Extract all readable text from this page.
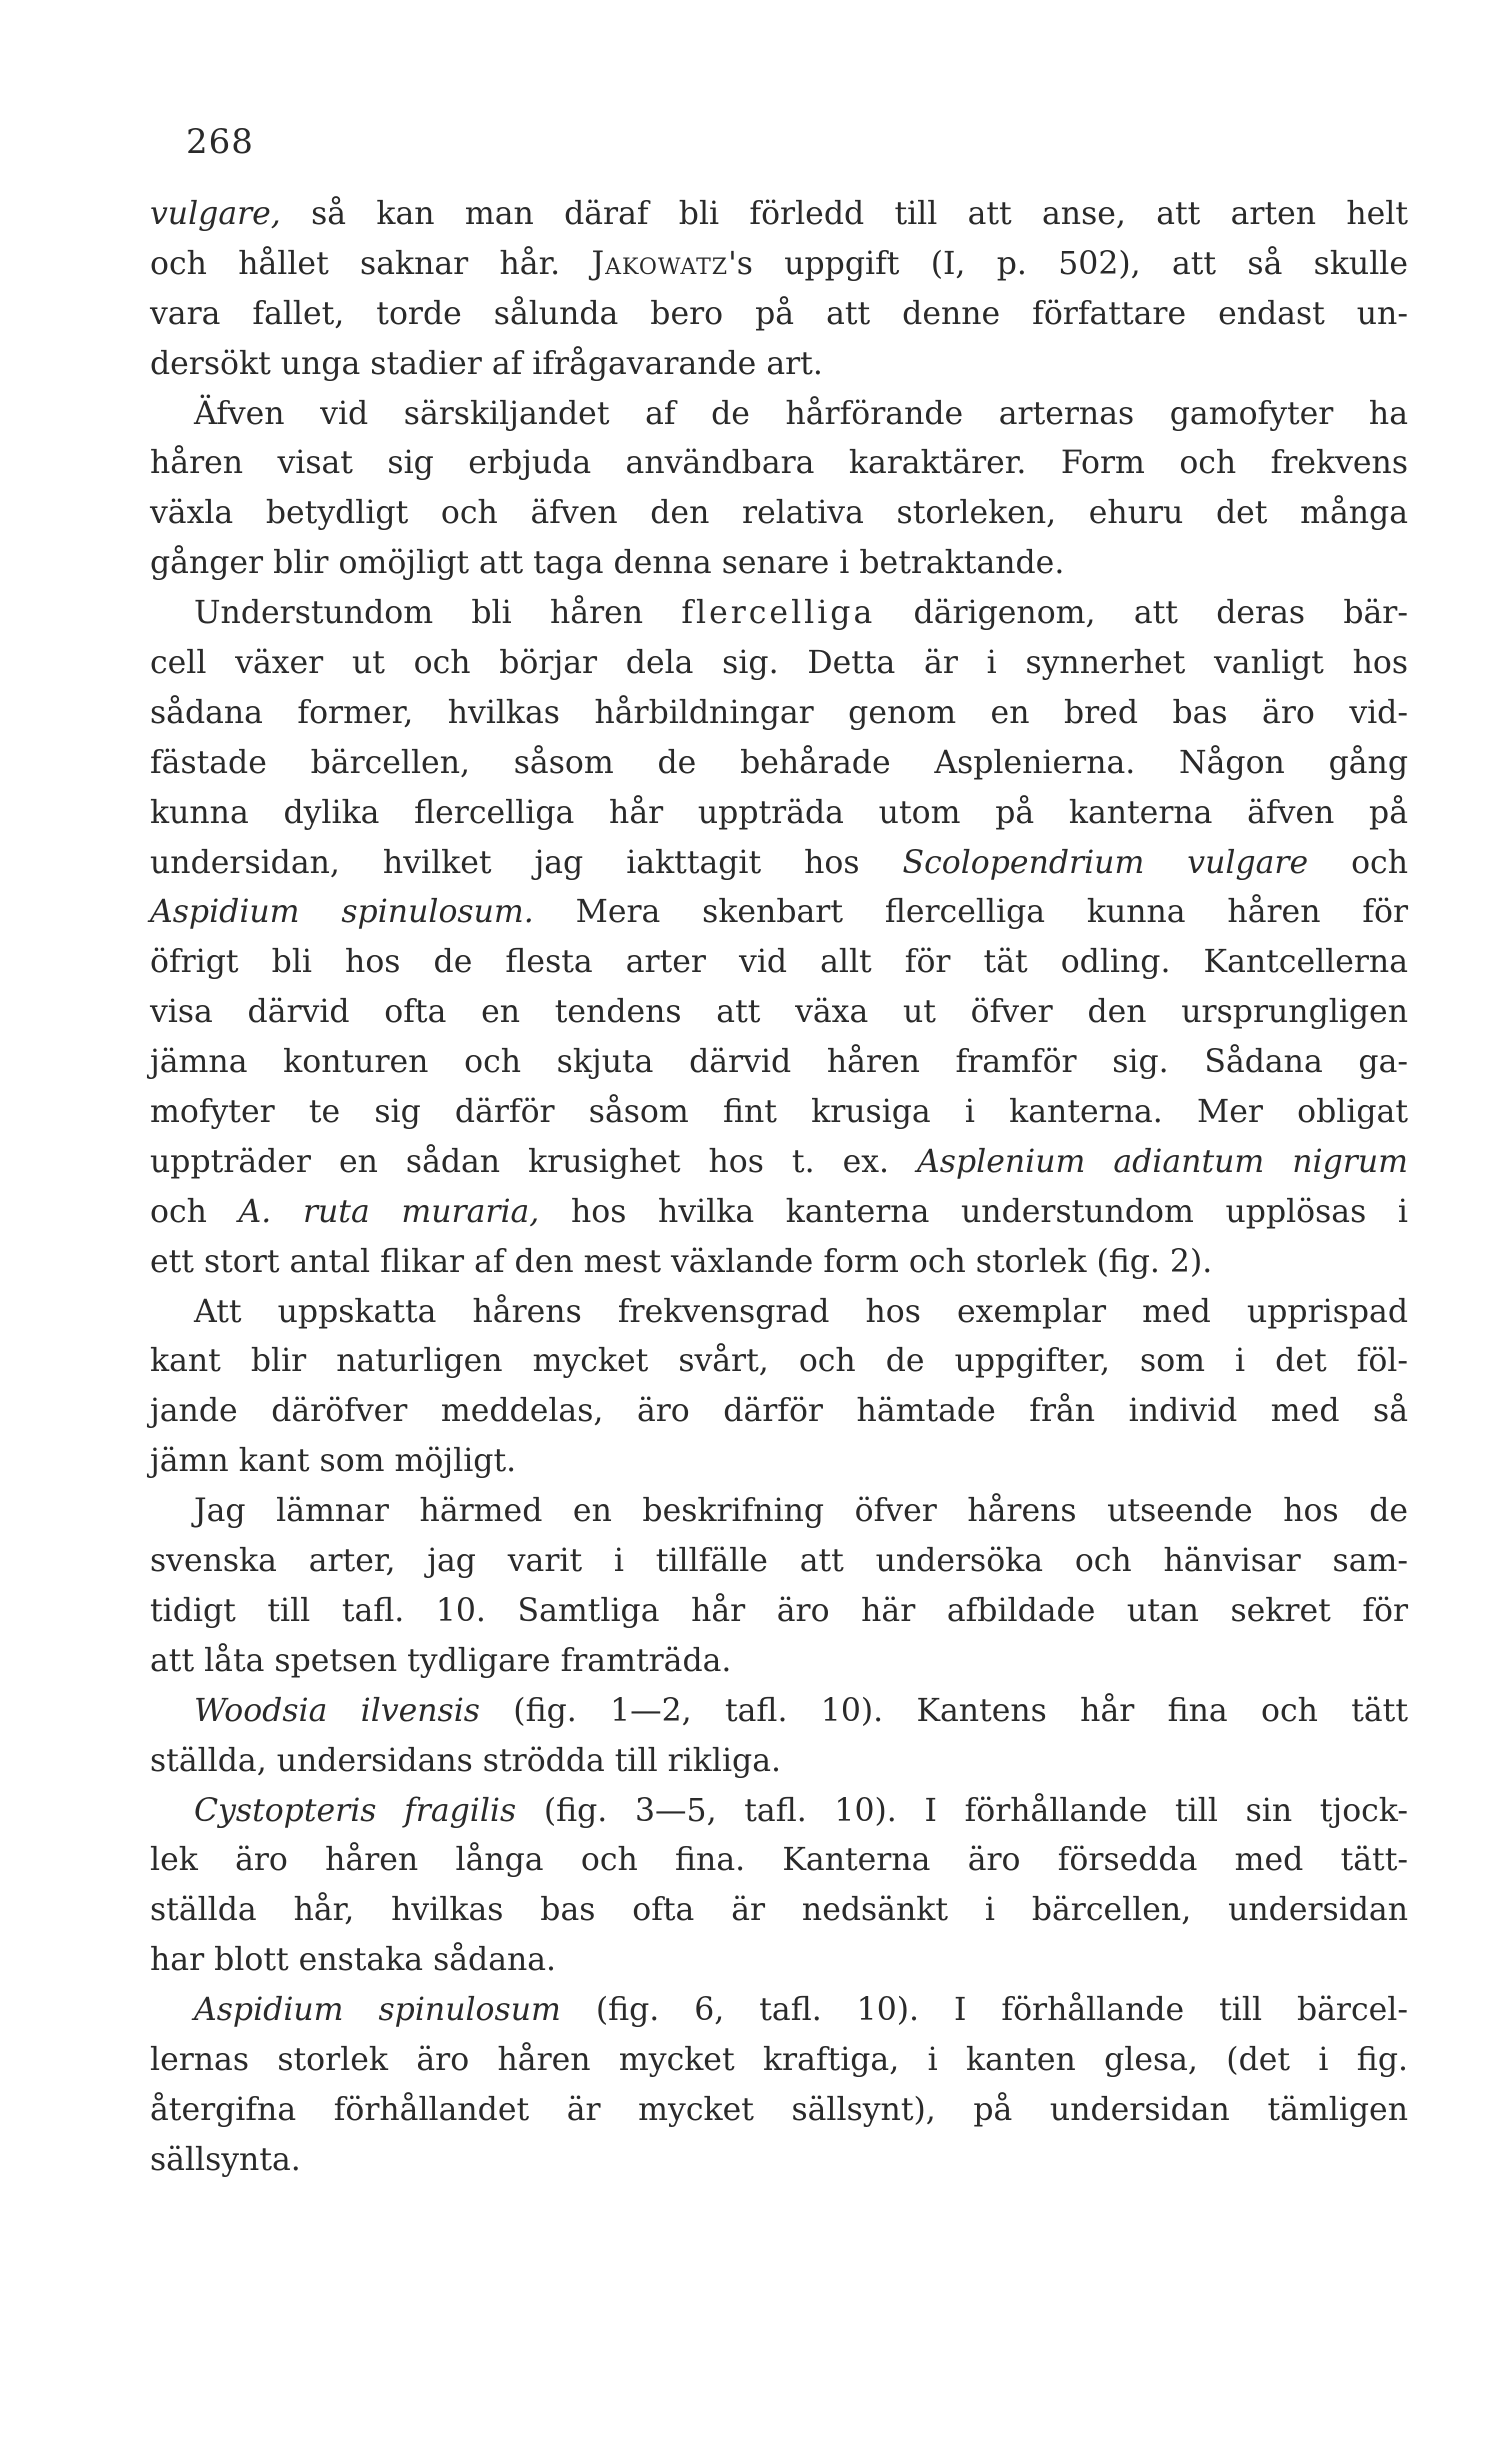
268
vulgare, så kan man däraf bli förledd till att anse, att arten helt
och hållet saknar hår. Jakowatz's uppgift (I, p. 502), att så skulle
vara fallet, torde sålunda bero på att denne författare endast un-
dersökt unga stadier af ifrågavarande art.
Äfven vid särskiljandet af de hårförande arternas gamofyter ha
håren visat sig erbjuda användbara karaktärer. Form och frekvens
växla betydligt och äfven den relativa storleken, ehuru det många
gånger blir omöjligt att taga denna senare i betraktande.
Understundom bli håren flercelliga därigenom, att deras bär-
cell växer ut och börjar dela sig. Detta är i synnerhet vanligt hos
sådana former, hvilkas hårbildningar genom en bred bas äro vid-
fästade bärcellen, såsom de behårade Asplenierna. Någon gång
kunna dylika flercelliga hår uppträda utom på kanterna äfven på
undersidan, hvilket jag iakttagit hos Scolopendrium vulgare och
Aspidium spinulosum. Mera skenbart flercelliga kunna håren för
öfrigt bli hos de flesta arter vid allt för tät odling. Kantcellerna
visa därvid ofta en tendens att växa ut öfver den ursprungligen
jämna konturen och skjuta därvid håren framför sig. Sådana ga-
mofyter te sig därför såsom fint krusiga i kanterna. Mer obligat
uppträder en sådan krusighet hos t. ex. Asplenium adiantum nigrum
och A. ruta muraria, hos hvilka kanterna understundom upplösas i
ett stort antal flikar af den mest växlande form och storlek (fig. 2).
Att uppskatta hårens frekvensgrad hos exemplar med upprispad
kant blir naturligen mycket svårt, och de uppgifter, som i det föl-
jande däröfver meddelas, äro därför hämtade från individ med så
jämn kant som möjligt.
Jag lämnar härmed en beskrifning öfver hårens utseende hos de
svenska arter, jag varit i tillfälle att undersöka och hänvisar sam-
tidigt till tafl. 10. Samtliga hår äro här afbildade utan sekret för
att låta spetsen tydligare framträda.
Woodsia ilvensis (fig. 1—2, tafl. 10). Kantens hår fina och tätt
ställda, undersidans strödda till rikliga.
Cystopteris fragilis (fig. 3—5, tafl. 10). I förhållande till sin tjock-
lek äro håren långa och fina. Kanterna äro försedda med tätt-
ställda hår, hvilkas bas ofta är nedsänkt i bärcellen, undersidan
har blott enstaka sådana.
Aspidium spinulosum (fig. 6, tafl. 10). I förhållande till bärcel-
lernas storlek äro håren mycket kraftiga, i kanten glesa, (det i fig.
återgifna förhållandet är mycket sällsynt), på undersidan tämligen
sällsynta.
